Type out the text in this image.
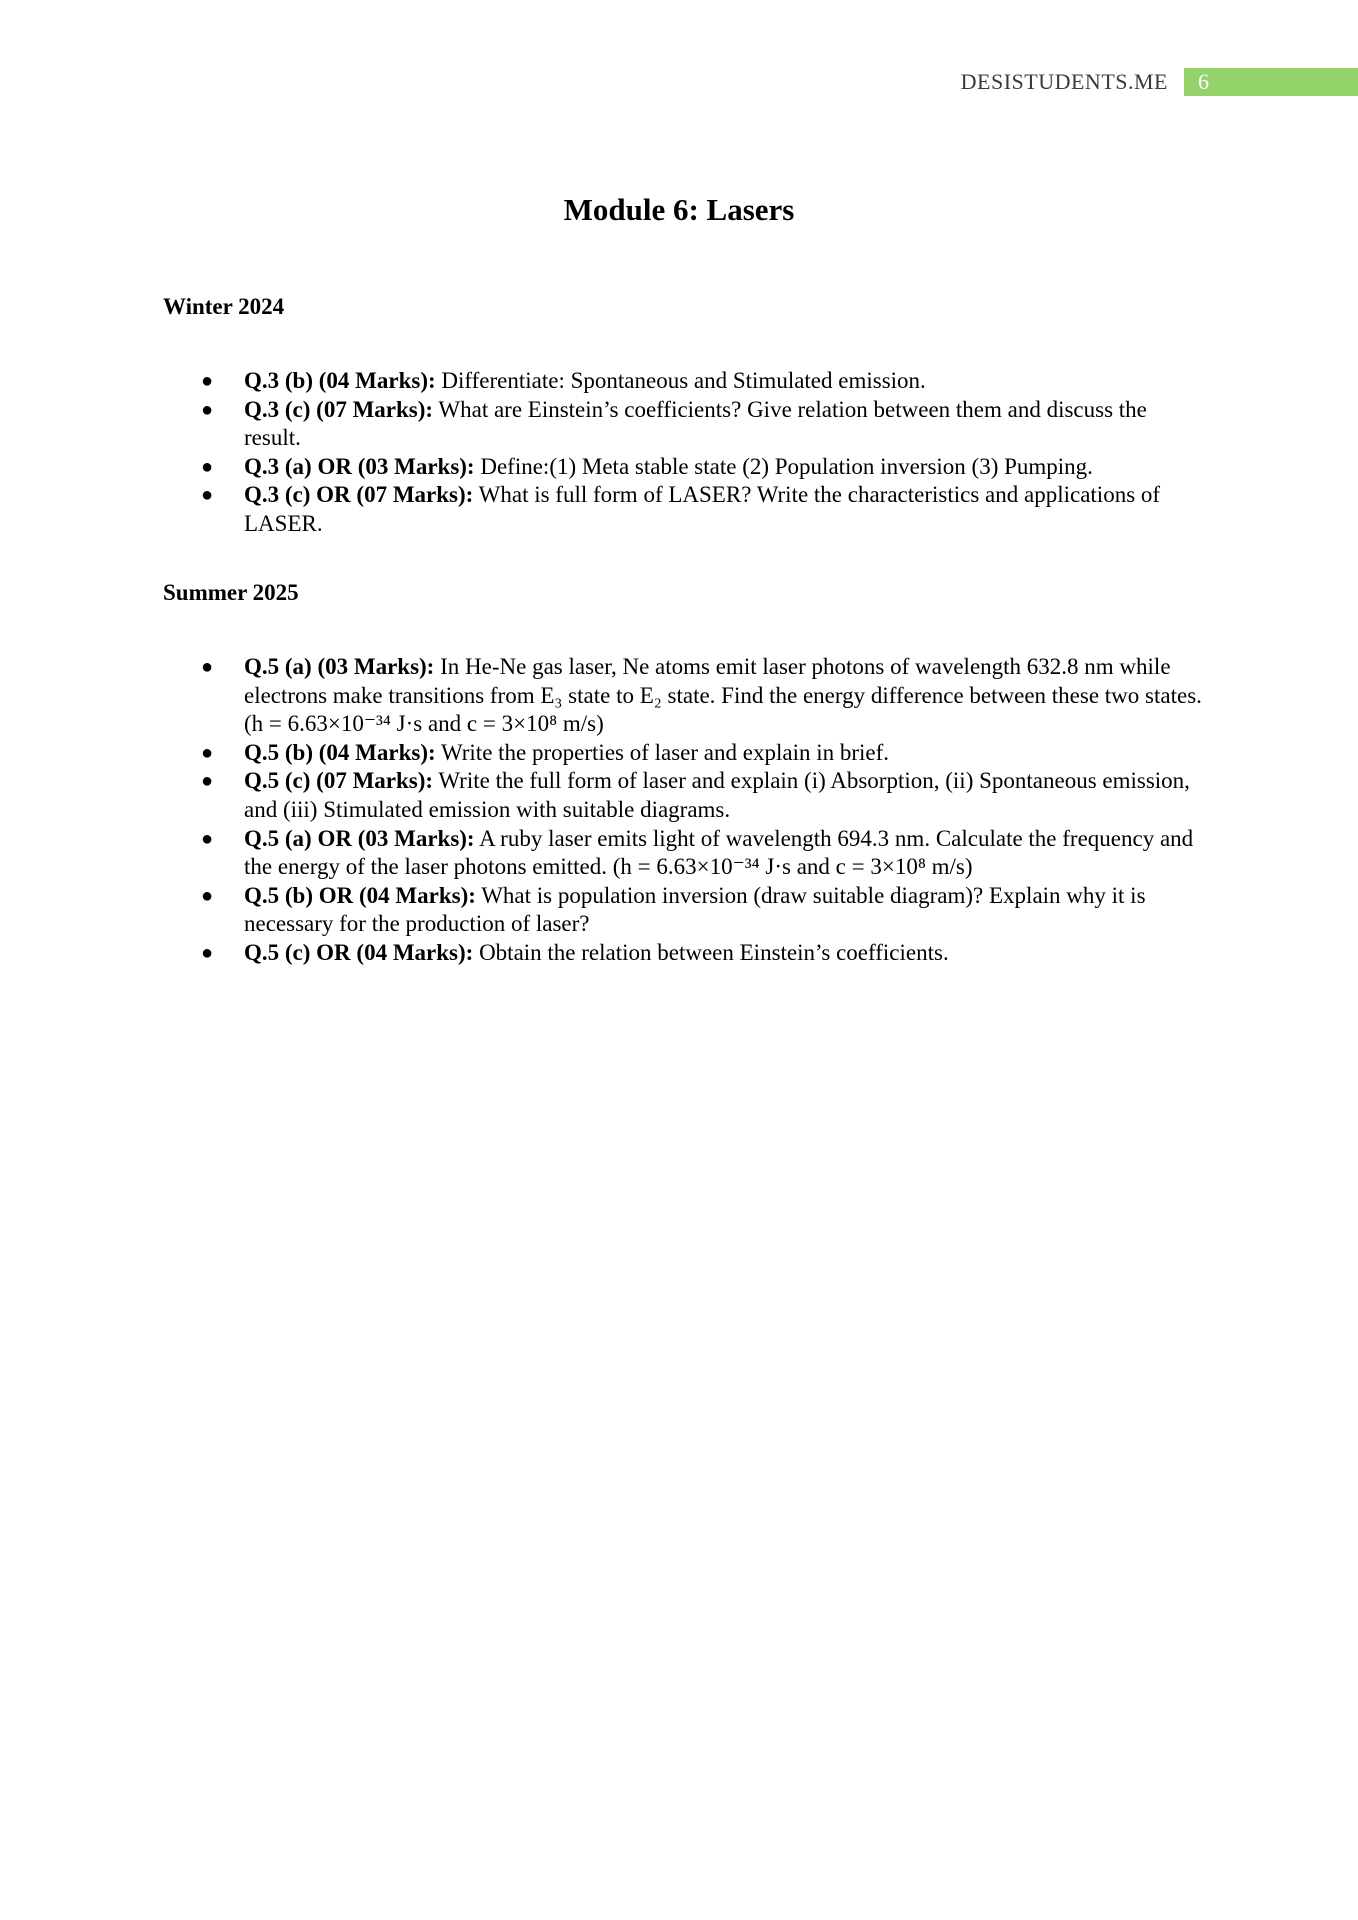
DESISTUDENTS.ME 6
Module 6: Lasers
Winter 2024
● Q.3 (b) (04 Marks): Differentiate: Spontaneous and Stimulated emission.
● Q.3 (c) (07 Marks): What are Einstein’s coefficients? Give relation between them and discuss the result.
● Q.3 (a) OR (03 Marks): Define:(1) Meta stable state (2) Population inversion (3) Pumping.
● Q.3 (c) OR (07 Marks): What is full form of LASER? Write the characteristics and applications of LASER.
Summer 2025
● Q.5 (a) (03 Marks): In He-Ne gas laser, Ne atoms emit laser photons of wavelength 632.8 nm while electrons make transitions from E₃ state to E₂ state. Find the energy difference between these two states. (h = 6.63×10⁻³⁴ J·s and c = 3×10⁸ m/s)
● Q.5 (b) (04 Marks): Write the properties of laser and explain in brief.
● Q.5 (c) (07 Marks): Write the full form of laser and explain (i) Absorption, (ii) Spontaneous emission, and (iii) Stimulated emission with suitable diagrams.
● Q.5 (a) OR (03 Marks): A ruby laser emits light of wavelength 694.3 nm. Calculate the frequency and the energy of the laser photons emitted. (h = 6.63×10⁻³⁴ J·s and c = 3×10⁸ m/s)
● Q.5 (b) OR (04 Marks): What is population inversion (draw suitable diagram)? Explain why it is necessary for the production of laser?
● Q.5 (c) OR (04 Marks): Obtain the relation between Einstein’s coefficients.
